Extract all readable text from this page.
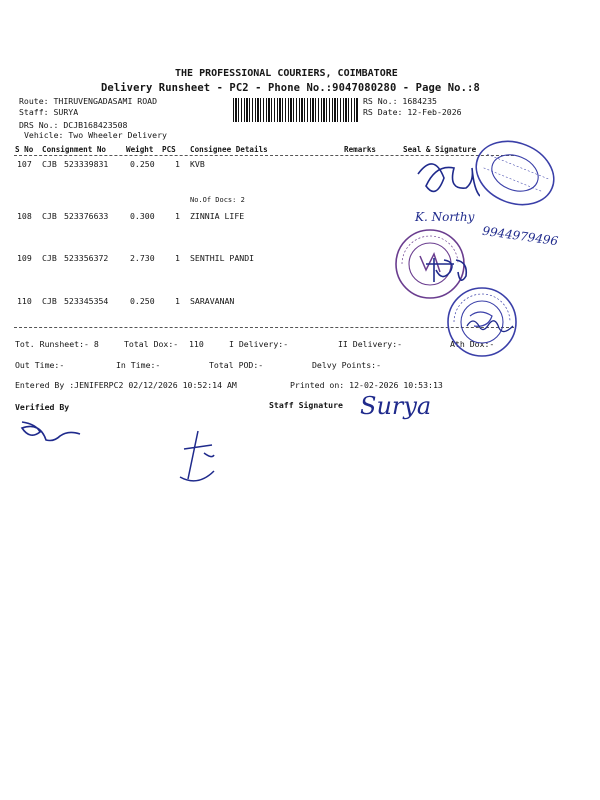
THE PROFESSIONAL COURIERS, COIMBATORE
Delivery Runsheet - PC2 - Phone No.:9047080280 - Page No.:8
Route: THIRUVENGADASAMI ROAD
Staff: SURYA
DRS No.: DCJB168423508
Vehicle: Two Wheeler Delivery
RS No.: 1684235
RS Date: 12-Feb-2026
S No Consignment No	Weight PCS Consignee Details	Remarks	Seal & Signature
107 CJB 523339831	0.250 1 KVB
No.Of Docs: 2
108 CJB 523376633	0.300 1 ZINNIA LIFE
109 CJB 523356372	2.730 1 SENTHIL PANDI
110 CJB 523345354	0.250 1 SARAVANAN
Tot. Runsheet:- 8	Total Dox:- 110	I Delivery:-	II Delivery:-	Ath Dox:-
Out Time:-	In Time:-	Total POD:-	Delvy Points:-
Entered By :JENIFERPC2 02/12/2026 10:52:14 AM	Printed on: 12-02-2026 10:53:13
Verified By	Staff Signature
K. Northy
9944979496
Surya
